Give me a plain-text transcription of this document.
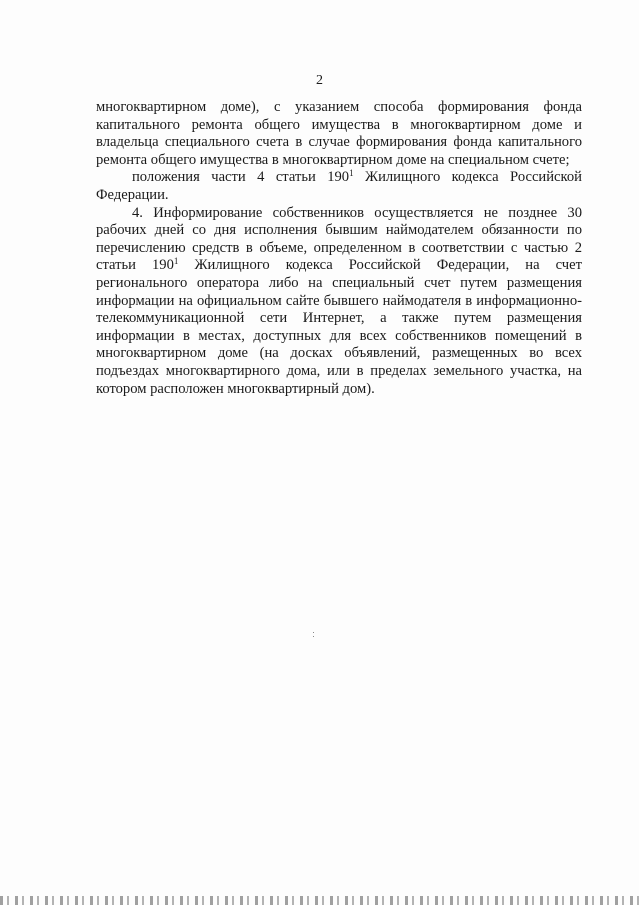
2

многоквартирном доме), с указанием способа формирования фонда капитального ремонта общего имущества в многоквартирном доме и владельца специального счета в случае формирования фонда капитального ремонта общего имущества в многоквартирном доме на специальном счете;

положения части 4 статьи $190^1$ Жилищного кодекса Российской Федерации.

4. Информирование собственников осуществляется не позднее 30 рабочих дней со дня исполнения бывшим наймодателем обязанности по перечислению средств в объеме, определенном в соответствии с частью 2 статьи $190^1$ Жилищного кодекса Российской Федерации, на счет регионального оператора либо на специальный счет путем размещения информации на официальном сайте бывшего наймодателя в информационно-телекоммуникационной сети Интернет, а также путем размещения информации в местах, доступных для всех собственников помещений в многоквартирном доме (на досках объявлений, размещенных во всех подъездах многоквартирного дома, или в пределах земельного участка, на котором расположен многоквартирный дом).
